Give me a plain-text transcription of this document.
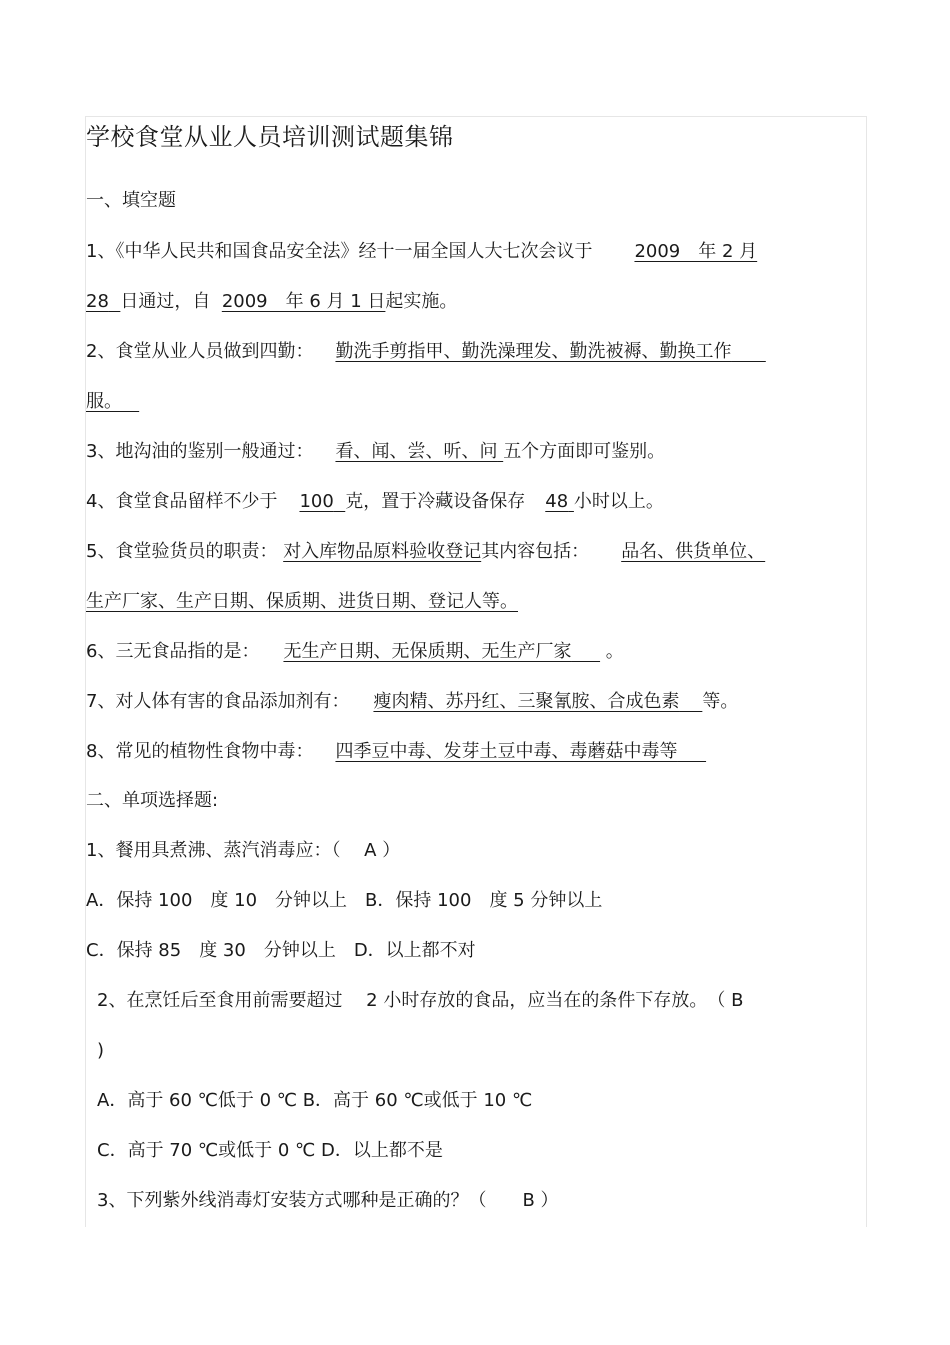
学校食堂从业人员培训测试题集锦
一、填空题
1、《中华人民共和国食品安全法》经十一届全国人大七次会议于 2009　年 2 月
28 日通过，自 2009　年 6 月 1 日起实施。
2、食堂从业人员做到四勤： 勤洗手剪指甲、勤洗澡理发、勤洗被褥、勤换工作
服。
3、地沟油的鉴别一般通过： 看、闻、尝、听、问 五个方面即可鉴别。
4、食堂食品留样不少于 100 克，置于冷藏设备保存 48 小时以上。
5、食堂验货员的职责： 对入库物品原料验收登记其内容包括： 品名、供货单位、
生产厂家、生产日期、保质期、进货日期、登记人等。
6、三无食品指的是： 无生产日期、无保质期、无生产厂家 。
7、对人体有害的食品添加剂有： 瘦肉精、苏丹红、三聚氰胺、合成色素 等。
8、常见的植物性食物中毒： 四季豆中毒、发芽土豆中毒、毒蘑菇中毒等
二、单项选择题:
1、餐用具煮沸、蒸汽消毒应：（　 A ）
A．保持 100　度 10　分钟以上　B．保持 100　度 5 分钟以上
C．保持 85　度 30　分钟以上　D．以上都不对
2、在烹饪后至食用前需要超过　 2 小时存放的食品，应当在的条件下存放。　（ B
)
A．高于 60 ℃低于 0 ℃ B．高于 60 ℃或低于 10 ℃
C．高于 70 ℃或低于 0 ℃ D．以上都不是
3、下列紫外线消毒灯安装方式哪种是正确的？（　　B ）
